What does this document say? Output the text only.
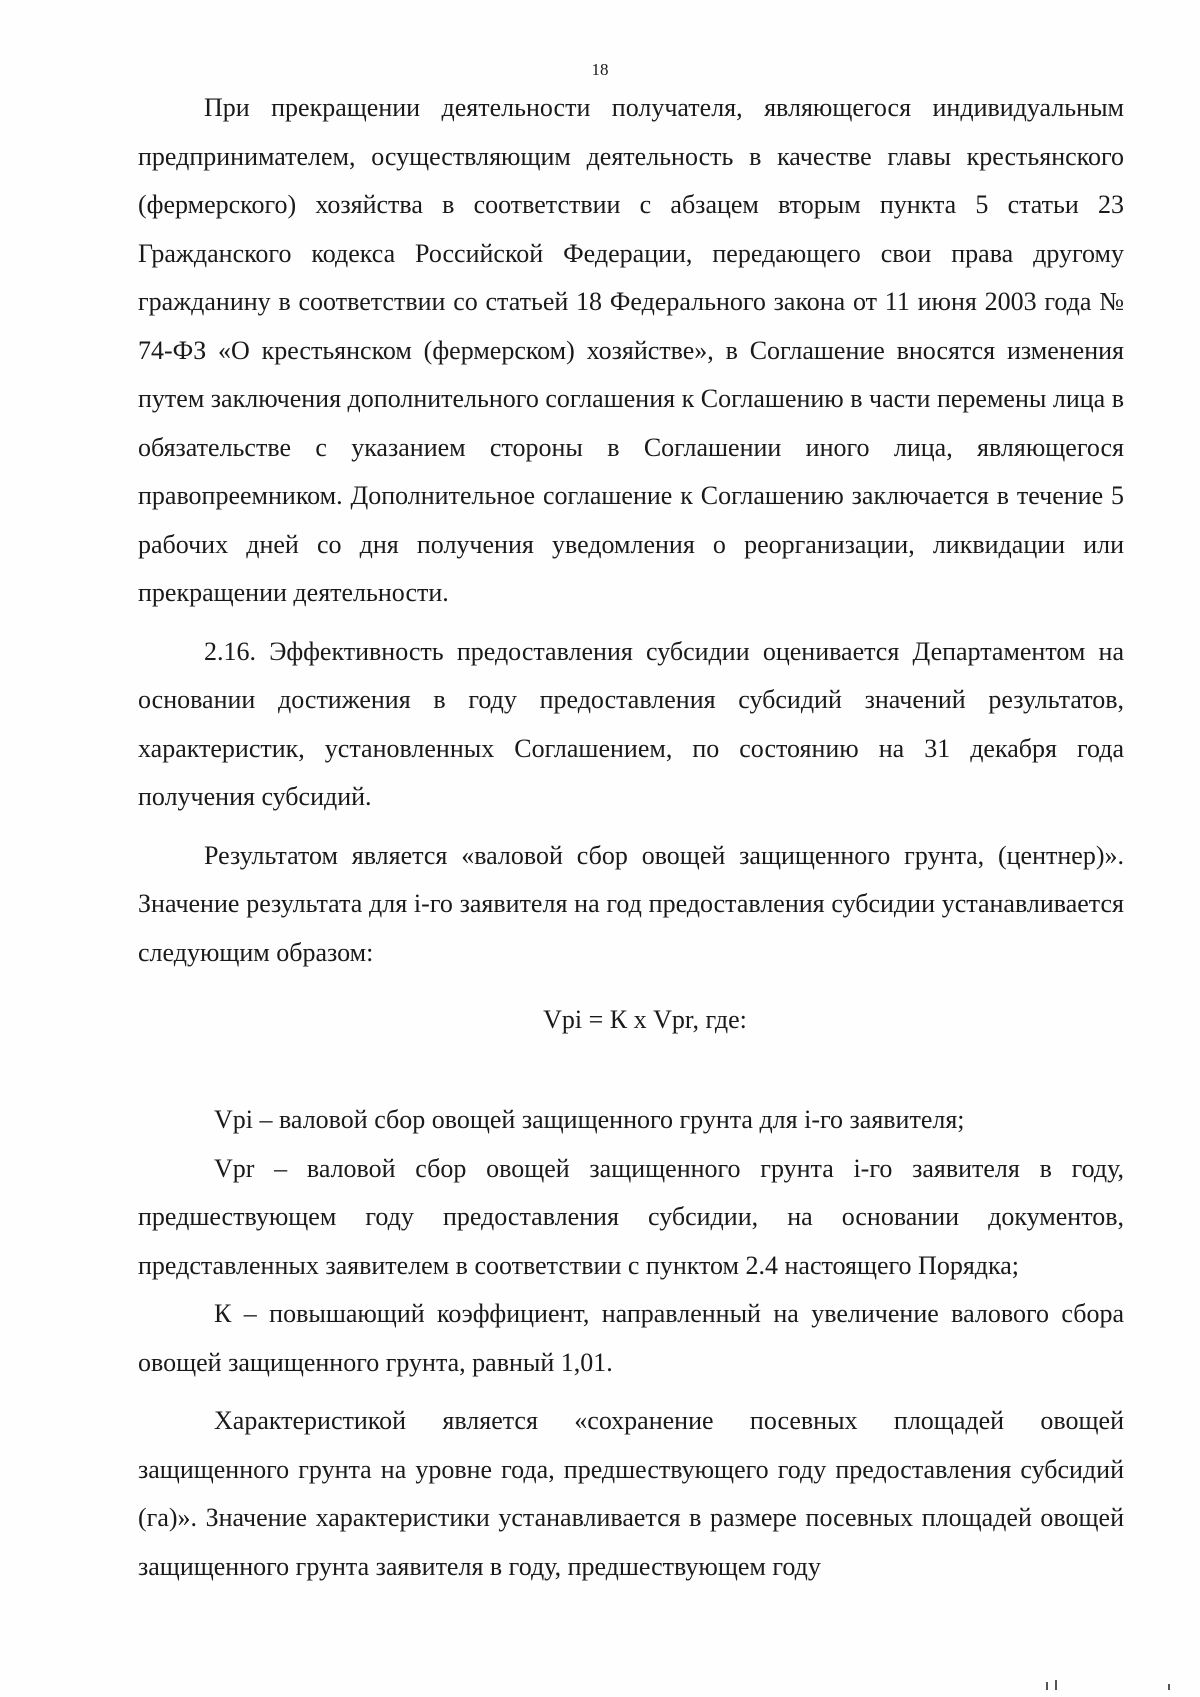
18

При прекращении деятельности получателя, являющегося индивидуальным предпринимателем, осуществляющим деятельность в качестве главы крестьянского (фермерского) хозяйства в соответствии с абзацем вторым пункта 5 статьи 23 Гражданского кодекса Российской Федерации, передающего свои права другому гражданину в соответствии со статьей 18 Федерального закона от 11 июня 2003 года № 74-ФЗ «О крестьянском (фермерском) хозяйстве», в Соглашение вносятся изменения путем заключения дополнительного соглашения к Соглашению в части перемены лица в обязательстве с указанием стороны в Соглашении иного лица, являющегося правопреемником. Дополнительное соглашение к Соглашению заключается в течение 5 рабочих дней со дня получения уведомления о реорганизации, ликвидации или прекращении деятельности.

2.16. Эффективность предоставления субсидии оценивается Департаментом на основании достижения в году предоставления субсидий значений результатов, характеристик, установленных Соглашением, по состоянию на 31 декабря года получения субсидий.

Результатом является «валовой сбор овощей защищенного грунта, (центнер)». Значение результата для i-го заявителя на год предоставления субсидии устанавливается следующим образом:

Vpi = К х Vpr, где:

Vpi – валовой сбор овощей защищенного грунта для i-го заявителя;

Vpr – валовой сбор овощей защищенного грунта i-го заявителя в году, предшествующем году предоставления субсидии, на основании документов, представленных заявителем в соответствии с пунктом 2.4 настоящего Порядка;

К – повышающий коэффициент, направленный на увеличение валового сбора овощей защищенного грунта, равный 1,01.

Характеристикой является «сохранение посевных площадей овощей защищенного грунта на уровне года, предшествующего году предоставления субсидий (га)». Значение характеристики устанавливается в размере посевных площадей овощей защищенного грунта заявителя в году, предшествующем году
